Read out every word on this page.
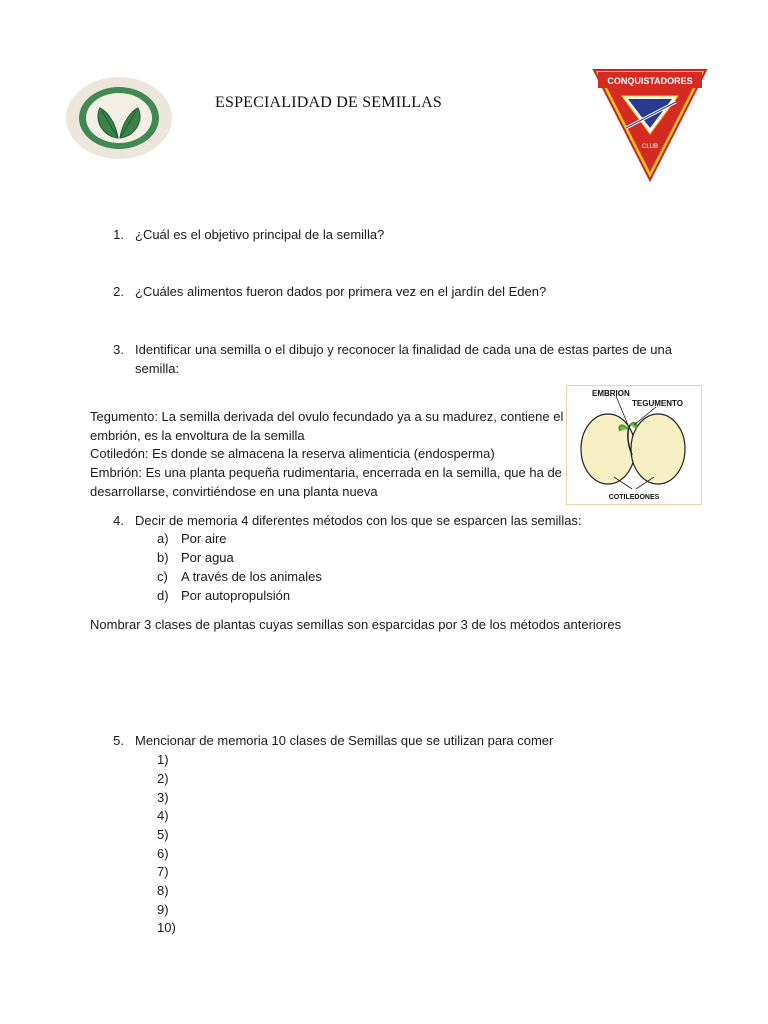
ESPECIALIDAD DE SEMILLAS
CONQUISTADORES
CLUB
1. ¿Cuál es el objetivo principal de la semilla?
2. ¿Cuáles alimentos fueron dados por primera vez en el jardín del Eden?
3. Identificar una semilla o el dibujo y reconocer la finalidad de cada una de estas partes de una
semilla:
EMBRION
TEGUMENTO
COTILEDONES
Tegumento: La semilla derivada del ovulo fecundado ya a su madurez, contiene el
embrión, es la envoltura de la semilla
Cotiledón: Es donde se almacena la reserva alimenticia (endosperma)
Embrión: Es una planta pequeña rudimentaria, encerrada en la semilla, que ha de
desarrollarse, convirtiéndose en una planta nueva
4. Decir de memoria 4 diferentes métodos con los que se esparcen las semillas:
a) Por aire
b) Por agua
c)	A través de los animales
d) Por autopropulsión
Nombrar 3 clases de plantas cuyas semillas son esparcidas por 3 de los métodos anteriores
5. Mencionar de memoria 10 clases de Semillas que se utilizan para comer
1)
2)
3)
4)
5)
6)
7)
8)
9)
10)
